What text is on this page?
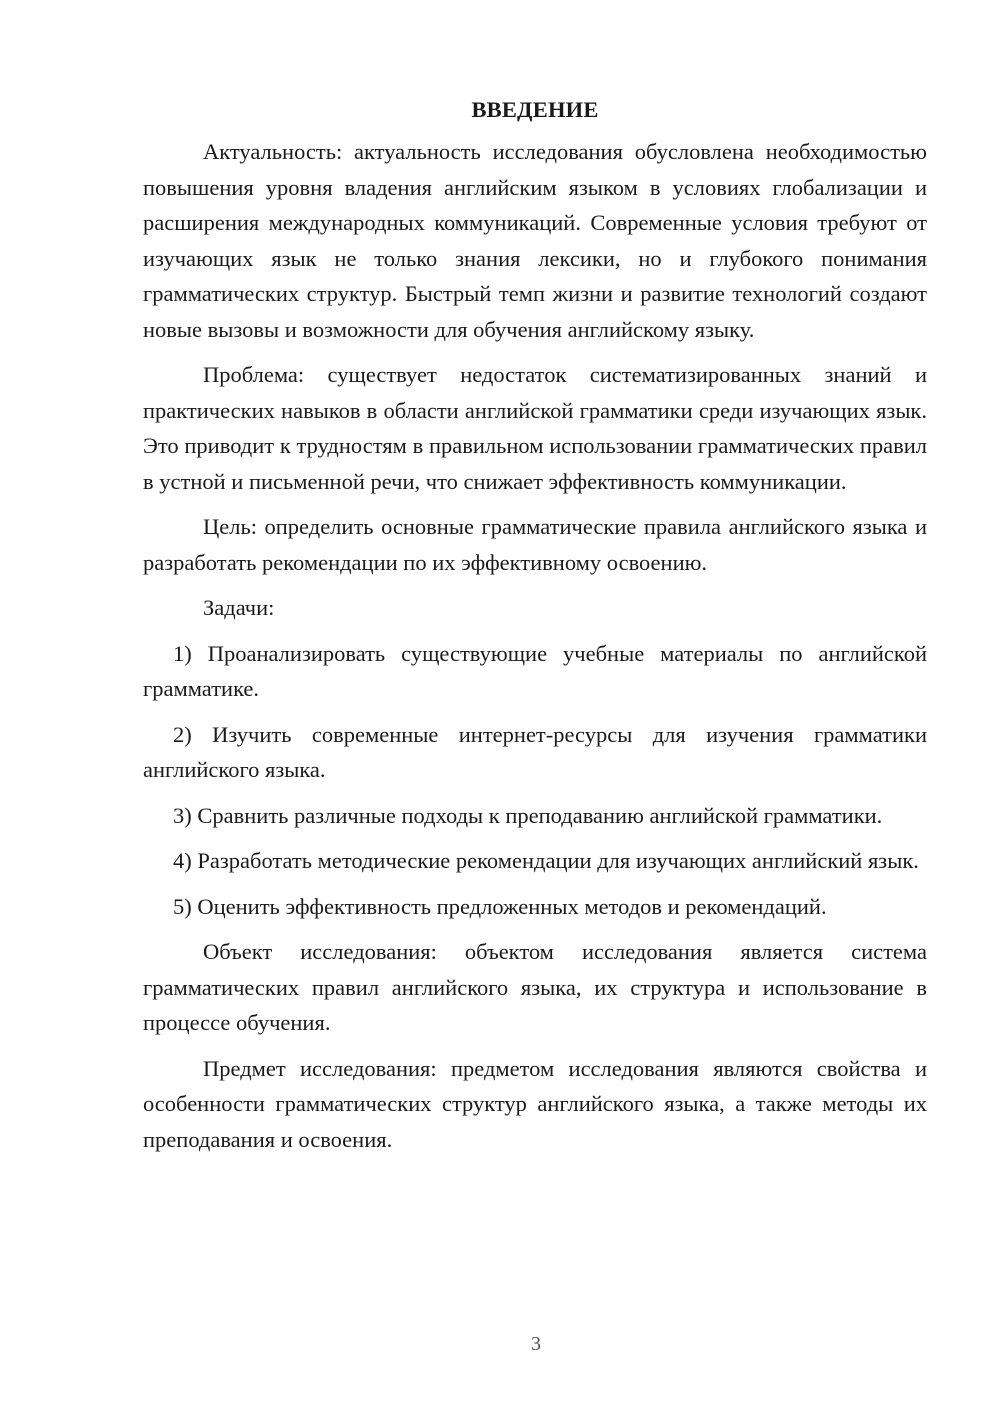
ВВЕДЕНИЕ

Актуальность: актуальность исследования обусловлена необходимостью повышения уровня владения английским языком в условиях глобализации и расширения международных коммуникаций. Современные условия требуют от изучающих язык не только знания лексики, но и глубокого понимания грамматических структур. Быстрый темп жизни и развитие технологий создают новые вызовы и возможности для обучения английскому языку.

Проблема: существует недостаток систематизированных знаний и практических навыков в области английской грамматики среди изучающих язык. Это приводит к трудностям в правильном использовании грамматических правил в устной и письменной речи, что снижает эффективность коммуникации.

Цель: определить основные грамматические правила английского языка и разработать рекомендации по их эффективному освоению.

Задачи:

1) Проанализировать существующие учебные материалы по английской грамматике.

2) Изучить современные интернет-ресурсы для изучения грамматики английского языка.

3) Сравнить различные подходы к преподаванию английской грамматики.

4) Разработать методические рекомендации для изучающих английский язык.

5) Оценить эффективность предложенных методов и рекомендаций.

Объект исследования: объектом исследования является система грамматических правил английского языка, их структура и использование в процессе обучения.

Предмет исследования: предметом исследования являются свойства и особенности грамматических структур английского языка, а также методы их преподавания и освоения.

3
